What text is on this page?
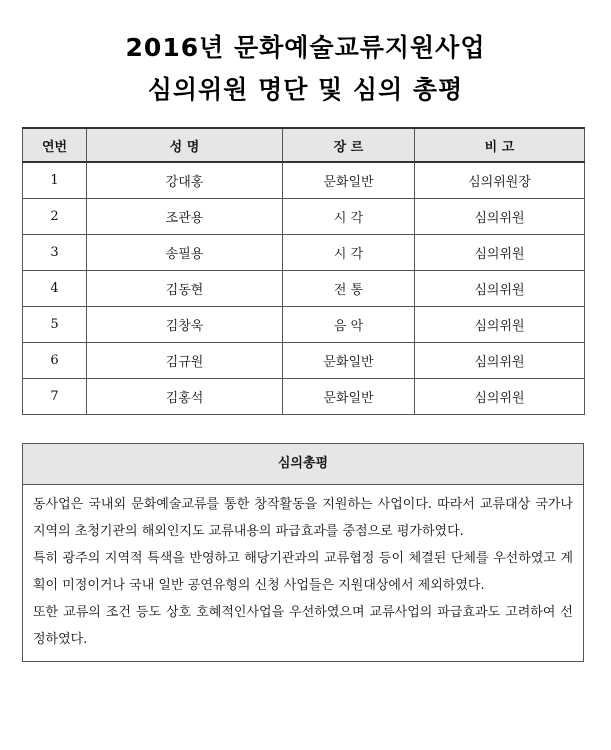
2016년 문화예술교류지원사업
심의위원 명단 및 심의 총평
연번	성 명	장 르	비 고
1	강대홍	문화일반	심의위원장
2	조관용	시 각	심의위원
3	송필용	시 각	심의위원
4	김동현	전 통	심의위원
5	김창욱	음 악	심의위원
6	김규원	문화일반	심의위원
7	김홍석	문화일반	심의위원
심의총평

동사업은 국내외 문화예술교류를 통한 창작활동을 지원하는 사업이다. 따라서 교류대상 국가나 지역의 초청기관의 해외인지도 교류내용의 파급효과를 중점으로 평가하였다.

특히 광주의 지역적 특색을 반영하고 해당기관과의 교류협정 등이 체결된 단체를 우선하였고 계획이 미정이거나 국내 일반 공연유형의 신청 사업들은 지원대상에서 제외하였다.

또한 교류의 조건 등도 상호 호혜적인사업을 우선하였으며 교류사업의 파급효과도 고려하여 선정하였다.
